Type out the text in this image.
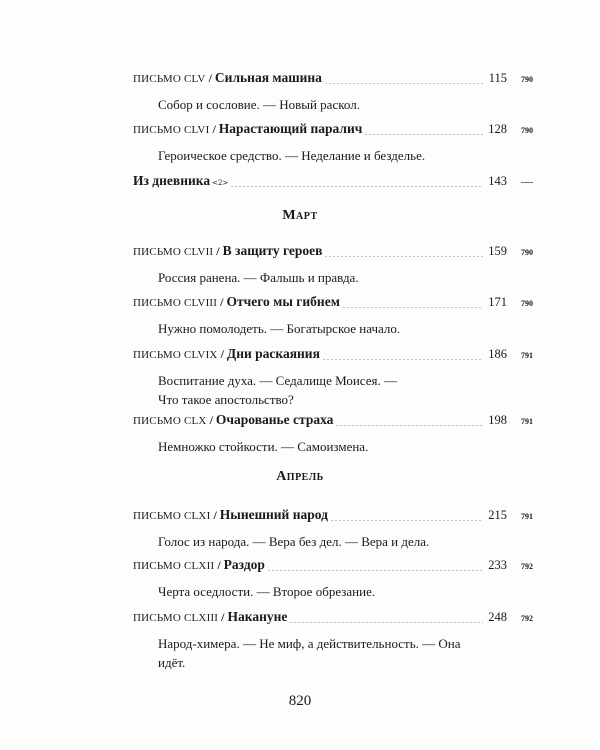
ПИСЬМО CLV / Сильная машина	115	790
Собор и сословие. — Новый раскол.
ПИСЬМО CLVI / Нарастающий паралич	128	790
Героическое средство. — Неделание и безделье.
Из дневника <2>	143	—
Март
ПИСЬМО CLVII / В защиту героев	159	790
Россия ранена. — Фальшь и правда.
ПИСЬМО CLVIII / Отчего мы гибнем	171	790
Нужно помолодеть. — Богатырское начало.
ПИСЬМО CLVIX / Дни раскаяния	186	791
Воспитание духа. — Седалище Моисея. — Что такое апостольство?
ПИСЬМО CLX / Очарованье страха	198	791
Немножко стойкости. — Самоизмена.
Апрель
ПИСЬМО CLXI / Нынешний народ	215	791
Голос из народа. — Вера без дел. — Вера и дела.
ПИСЬМО CLXII / Раздор	233	792
Черта оседлости. — Второе обрезание.
ПИСЬМО CLXIII / Накануне	248	792
Народ-химера. — Не миф, а действительность. — Она идёт.
820
